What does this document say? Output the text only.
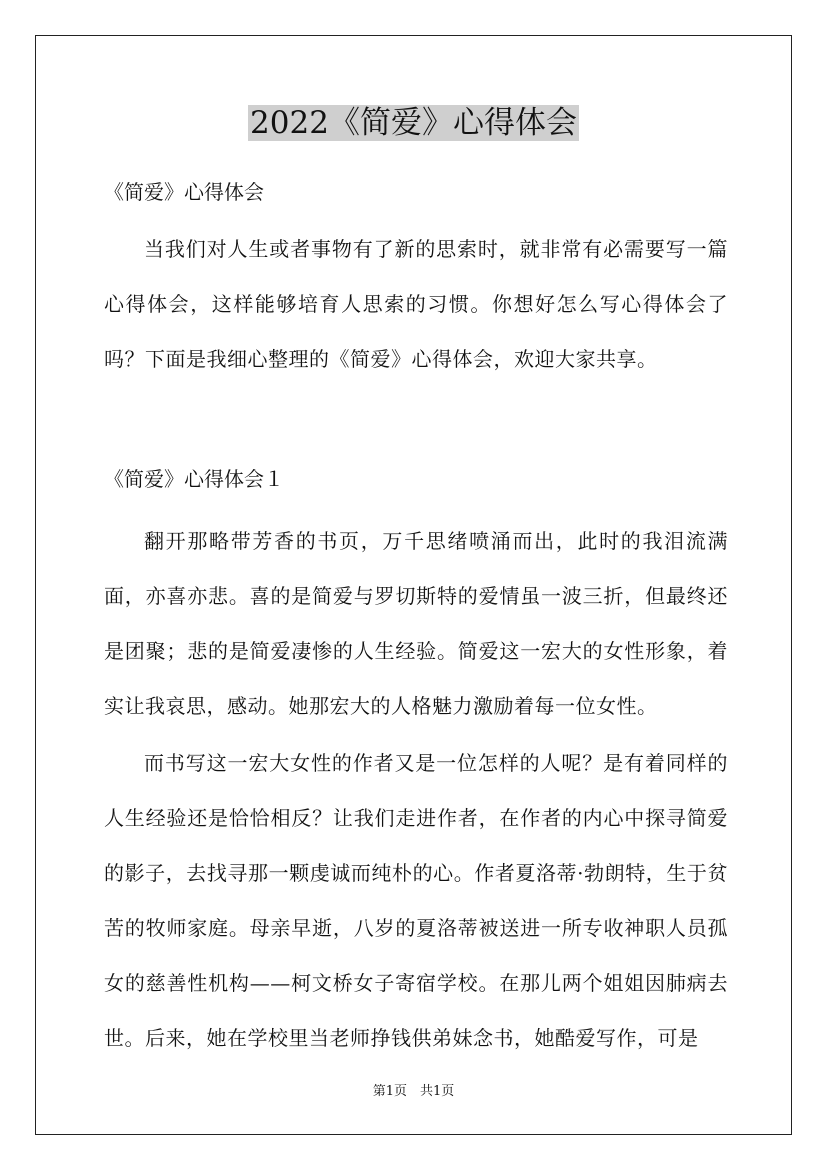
2022《简爱》心得体会
《简爱》心得体会

当我们对人生或者事物有了新的思索时，就非常有必需要写一篇心得体会，这样能够培育人思索的习惯。你想好怎么写心得体会了吗？下面是我细心整理的《简爱》心得体会，欢迎大家共享。

《简爱》心得体会１

翻开那略带芳香的书页，万千思绪喷涌而出，此时的我泪流满面，亦喜亦悲。喜的是简爱与罗切斯特的爱情虽一波三折，但最终还是团聚；悲的是简爱凄惨的人生经验。简爱这一宏大的女性形象，着实让我哀思，感动。她那宏大的人格魅力激励着每一位女性。

而书写这一宏大女性的作者又是一位怎样的人呢？是有着同样的人生经验还是恰恰相反？让我们走进作者，在作者的内心中探寻简爱的影子，去找寻那一颗虔诚而纯朴的心。作者夏洛蒂·勃朗特，生于贫苦的牧师家庭。母亲早逝，八岁的夏洛蒂被送进一所专收神职人员孤女的慈善性机构——柯文桥女子寄宿学校。在那儿两个姐姐因肺病去世。后来，她在学校里当老师挣钱供弟妹念书，她酷爱写作，可是

第1页　共1页
